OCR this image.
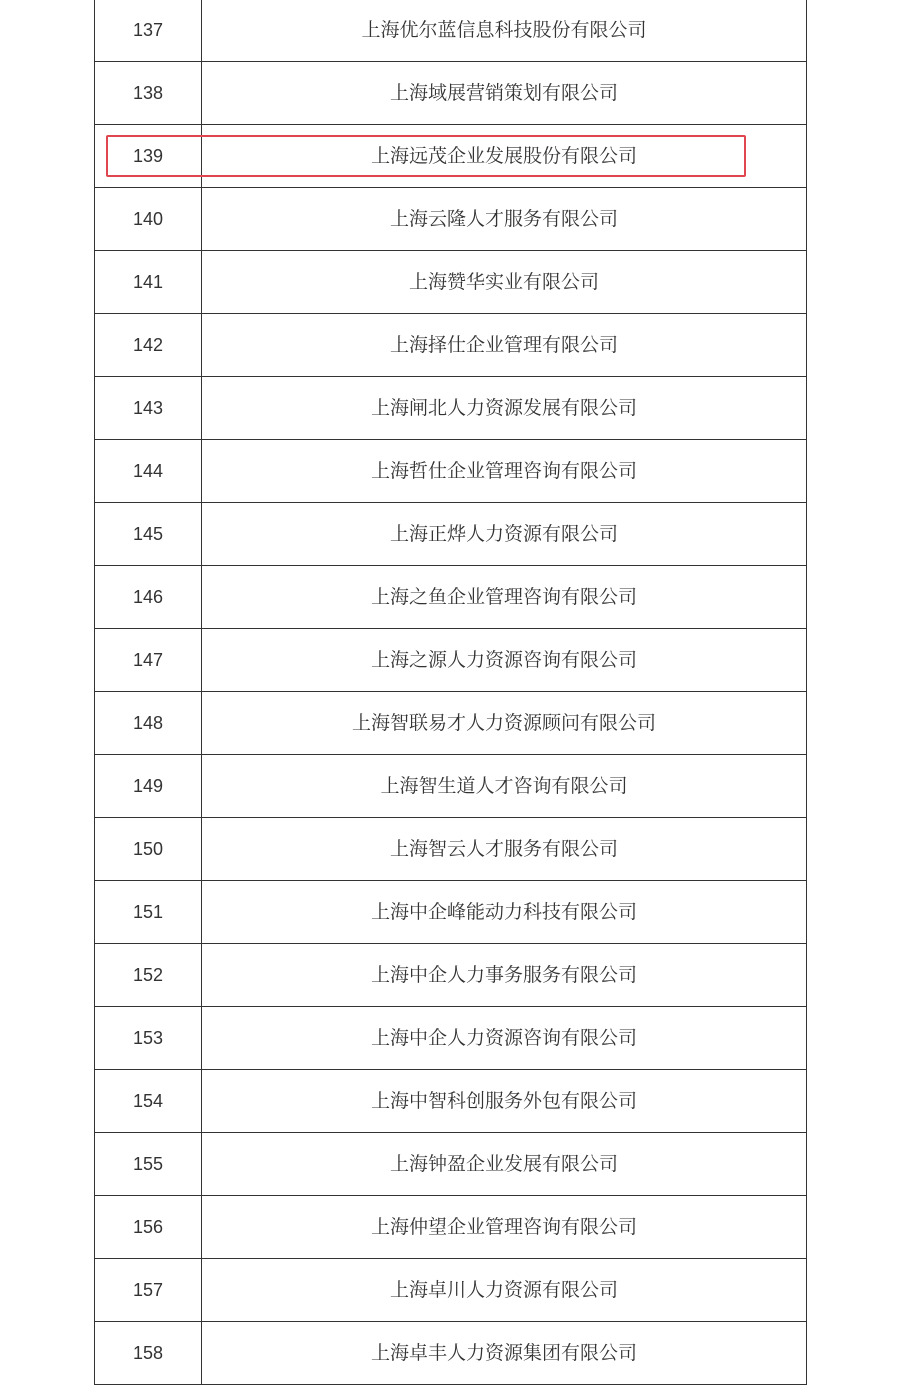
137	上海优尔蓝信息科技股份有限公司
138	上海域展营销策划有限公司
139	上海远茂企业发展股份有限公司
140	上海云隆人才服务有限公司
141	上海赞华实业有限公司
142	上海择仕企业管理有限公司
143	上海闸北人力资源发展有限公司
144	上海哲仕企业管理咨询有限公司
145	上海正烨人力资源有限公司
146	上海之鱼企业管理咨询有限公司
147	上海之源人力资源咨询有限公司
148	上海智联易才人力资源顾问有限公司
149	上海智生道人才咨询有限公司
150	上海智云人才服务有限公司
151	上海中企峰能动力科技有限公司
152	上海中企人力事务服务有限公司
153	上海中企人力资源咨询有限公司
154	上海中智科创服务外包有限公司
155	上海钟盈企业发展有限公司
156	上海仲望企业管理咨询有限公司
157	上海卓川人力资源有限公司
158	上海卓丰人力资源集团有限公司
